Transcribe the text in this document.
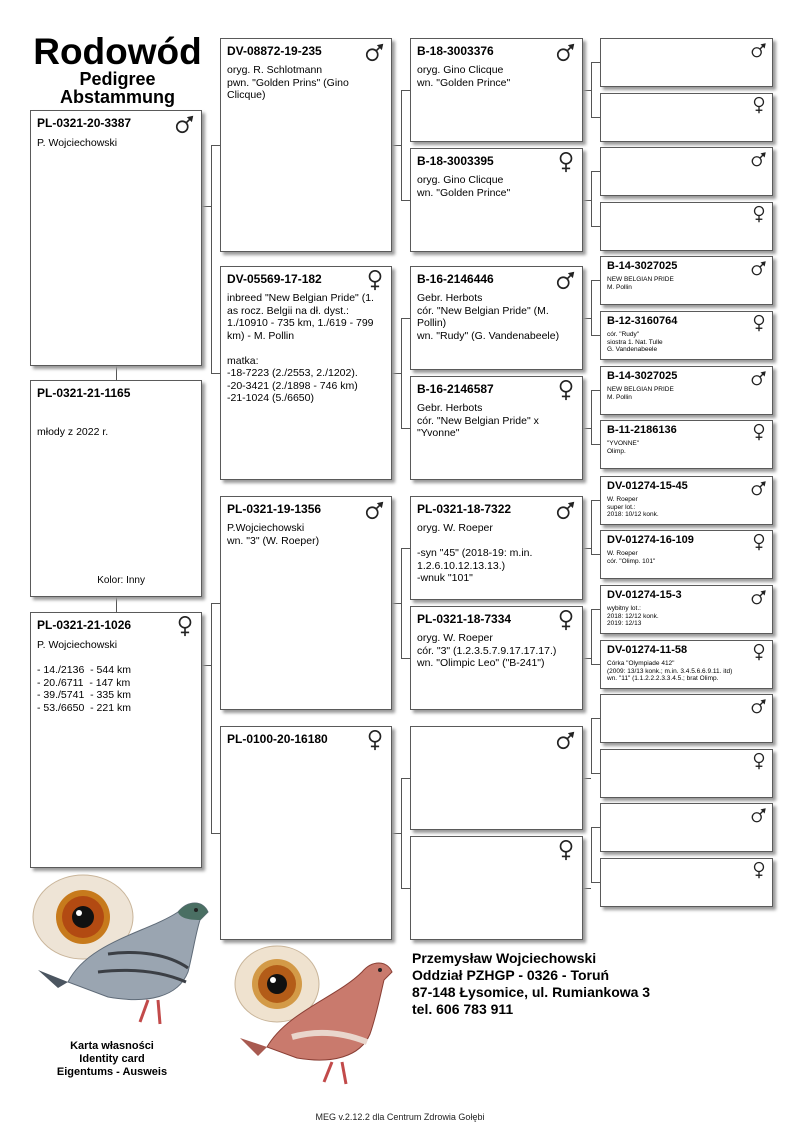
Rodowód
Pedigree
Abstammung
PL-0321-20-3387
P. Wojciechowski
PL-0321-21-1165
młody z 2022 r.
Kolor: Inny
PL-0321-21-1026
P. Wojciechowski

- 14./2136  - 544 km
- 20./6711  - 147 km
- 39./5741  - 335 km
- 53./6650  - 221 km
DV-08872-19-235
oryg. R. Schlotmann
pwn. "Golden Prins" (Gino Clicque)
DV-05569-17-182
inbreed "New Belgian Pride" (1. as rocz. Belgii na dł. dyst.: 1./10910 - 735 km, 1./619 - 799 km) - M. Pollin

matka:
-18-7223 (2./2553, 2./1202).
-20-3421 (2./1898 - 746 km)
-21-1024 (5./6650)
PL-0321-19-1356
P.Wojciechowski
wn. "3" (W. Roeper)
PL-0100-20-16180
B-18-3003376
oryg. Gino Clicque
wn. "Golden Prince"
B-18-3003395
oryg. Gino Clicque
wn. "Golden Prince"
B-16-2146446
Gebr. Herbots
cór. "New Belgian Pride" (M. Pollin)
wn. "Rudy" (G. Vandenabeele)
B-16-2146587
Gebr. Herbots
cór. "New Belgian Pride" x "Yvonne"
PL-0321-18-7322
oryg. W. Roeper

-syn "45" (2018-19: m.in. 1.2.6.10.12.13.13.)
-wnuk "101"
PL-0321-18-7334
oryg. W. Roeper
cór. "3" (1.2.3.5.7.9.17.17.17.)
wn. "Olimpic Leo" ("B-241")
B-14-3027025
NEW BELGIAN PRIDE
M. Pollin
B-12-3160764
cór. "Rudy"
siostra 1. Nat. Tulle
G. Vandenabeele
B-14-3027025
NEW BELGIAN PRIDE
M. Pollin
B-11-2186136
"YVONNE"
Olimp.
DV-01274-15-45
W. Roeper
super lot.:
2018: 10/12 konk.
DV-01274-16-109
W. Roeper
cór. "Olimp. 101"
DV-01274-15-3
wybitny lot.:
2018: 12/12 konk.
2019: 12/13
DV-01274-11-58
Córka "Olympiade 412"
(2009: 13/13 konk.; m.in. 3.4.5.6.6.9.11. itd)
wn. "11" (1.1.2.2.2.3.3.4.5.; brat Olimp.
Przemysław Wojciechowski
Oddział PZHGP - 0326 - Toruń
87-148 Łysomice, ul. Rumiankowa 3
tel. 606 783 911
Karta własności
Identity card
Eigentums - Ausweis
MEG v.2.12.2 dla Centrum Zdrowia Gołębi
